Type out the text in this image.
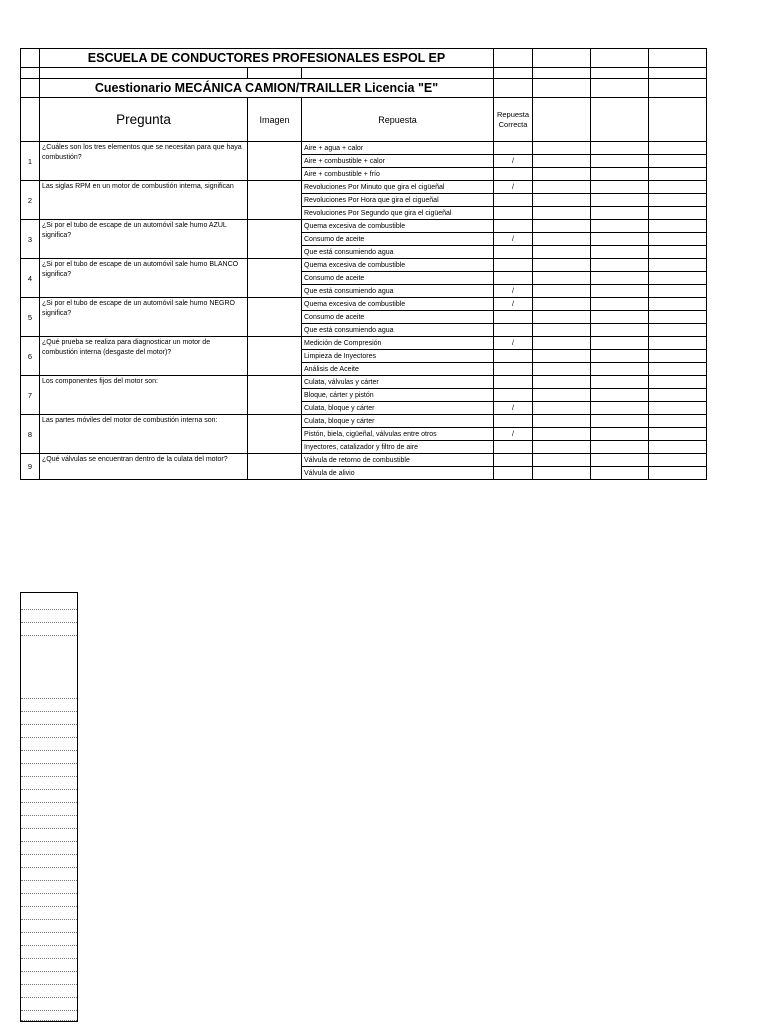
	ESCUELA DE CONDUCTORES PROFESIONALES ESPOL EP						

	Cuestionario MECÁNICA CAMION/TRAILLER Licencia "E"						
	Pregunta	Imagen	Repuesta	Repuesta Correcta			
1	¿Cuáles son los tres elementos que se necesitan para que haya combustión?		Aire + agua + calor				
			Aire + combustible + calor	/			
			Aire + combustible + frío				
2	Las siglas RPM en un motor de combustión interna, significan		Revoluciones Por Minuto que gira el cigüeñal	/			
			Revoluciones Por Hora que gira el cigueñal				
			Revoluciones Por Segundo que gira el cigüeñal				
3	¿Si por el tubo de escape de un automóvil sale humo AZUL significa?		Quema excesiva de combustible				
			Consumo de aceite	/			
			Que está consumiendo agua				
4	¿Si por el tubo de escape de un automóvil sale humo BLANCO significa?		Quema excesiva de combustible				
			Consumo de aceite				
			Que está consumiendo agua	/			
5	¿Si por el tubo de escape de un automóvil sale humo NEGRO significa?		Quema excesiva de combustible	/			
			Consumo de aceite				
			Que está consumiendo agua				
6	¿Qué prueba se realiza para diagnosticar un motor de combustión interna (desgaste del motor)?		Medición de Compresión	/			
			Limpieza de Inyectores				
			Análisis de Aceite				
7	Los componentes fijos del motor son:		Culata, válvulas y cárter				
			Bloque, cárter y pistón				
			Culata, bloque y cárter	/			
8	Las partes móviles del motor de combustión interna son:		Culata, bloque y cárter				
			Pistón, biela, cigüeñal, válvulas entre otros	/			
			Inyectores, catalizador y filtro de aire				
9	¿Qué válvulas se encuentran dentro de la culata del motor?		Válvula de retorno de combustible				
			Válvula de alivio				
